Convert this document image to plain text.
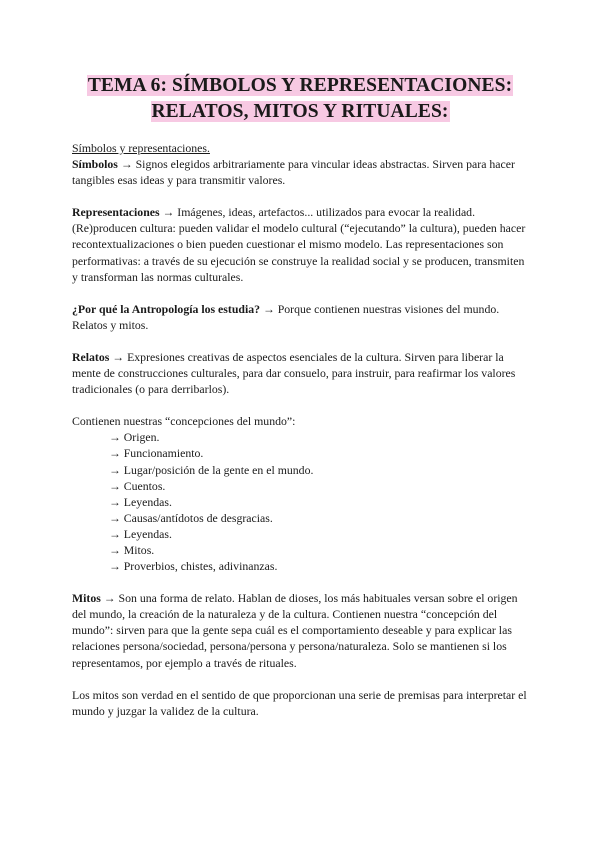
TEMA 6: SÍMBOLOS Y REPRESENTACIONES:
RELATOS, MITOS Y RITUALES:

Símbolos y representaciones.

Símbolos → Signos elegidos arbitrariamente para vincular ideas abstractas. Sirven para hacer tangibles esas ideas y para transmitir valores.

Representaciones → Imágenes, ideas, artefactos... utilizados para evocar la realidad. (Re)producen cultura: pueden validar el modelo cultural (“ejecutando” la cultura), pueden hacer recontextualizaciones o bien pueden cuestionar el mismo modelo. Las representaciones son performativas: a través de su ejecución se construye la realidad social y se producen, transmiten y transforman las normas culturales.

¿Por qué la Antropología los estudia? → Porque contienen nuestras visiones del mundo.

Relatos y mitos.

Relatos → Expresiones creativas de aspectos esenciales de la cultura. Sirven para liberar la mente de construcciones culturales, para dar consuelo, para instruir, para reafirmar los valores tradicionales (o para derribarlos).

Contienen nuestras “concepciones del mundo”:

→ Origen.
→ Funcionamiento.
→ Lugar/posición de la gente en el mundo.
→ Cuentos.
→ Leyendas.
→ Causas/antídotos de desgracias.
→ Leyendas.
→ Mitos.
→ Proverbios, chistes, adivinanzas.

Mitos → Son una forma de relato. Hablan de dioses, los más habituales versan sobre el origen del mundo, la creación de la naturaleza y de la cultura. Contienen nuestra “concepción del mundo”: sirven para que la gente sepa cuál es el comportamiento deseable y para explicar las relaciones persona/sociedad, persona/persona y persona/naturaleza. Solo se mantienen si los representamos, por ejemplo a través de rituales.

Los mitos son verdad en el sentido de que proporcionan una serie de premisas para interpretar el mundo y juzgar la validez de la cultura.
